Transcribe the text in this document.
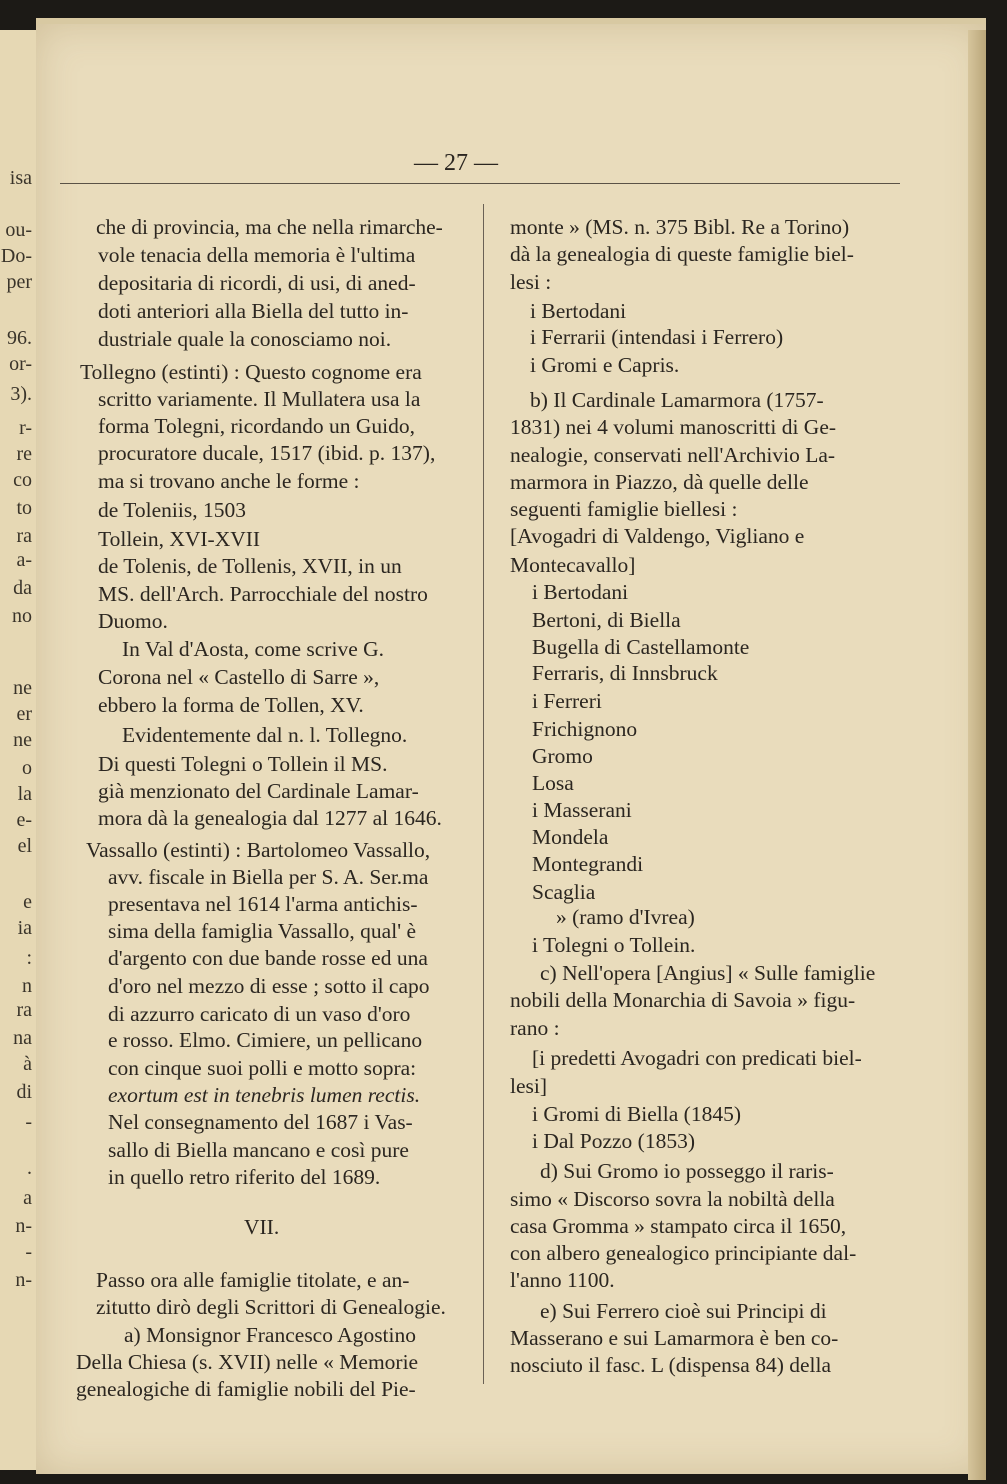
isa
ou-
Do-
per
96.
or-
3).
r-
re
co
to
ra
a-
da
no
ne
er
ne
o
la
e-
el
e
ia
:
n
ra
na
à
di
-
.
a
n-
-
n-
— 27 —
che di provincia, ma che nella rimarche-
vole tenacia della memoria è l'ultima
depositaria di ricordi, di usi, di aned-
doti anteriori alla Biella del tutto in-
dustriale quale la conosciamo noi.
Tollegno (estinti) : Questo cognome era
scritto variamente. Il Mullatera usa la
forma Tolegni, ricordando un Guido,
procuratore ducale, 1517 (ibid. p. 137),
ma si trovano anche le forme :
de Toleniis, 1503
Tollein, XVI-XVII
de Tolenis, de Tollenis, XVII, in un
MS. dell'Arch. Parrocchiale del nostro
Duomo.
In Val d'Aosta, come scrive G.
Corona nel « Castello di Sarre »,
ebbero la forma de Tollen, XV.
Evidentemente dal n. l. Tollegno.
Di questi Tolegni o Tollein il MS.
già menzionato del Cardinale Lamar-
mora dà la genealogia dal 1277 al 1646.
Vassallo (estinti) : Bartolomeo Vassallo,
avv. fiscale in Biella per S. A. Ser.ma
presentava nel 1614 l'arma antichis-
sima della famiglia Vassallo, qual' è
d'argento con due bande rosse ed una
d'oro nel mezzo di esse ; sotto il capo
di azzurro caricato di un vaso d'oro
e rosso. Elmo. Cimiere, un pellicano
con cinque suoi polli e motto sopra:
exortum est in tenebris lumen rectis.
Nel consegnamento del 1687 i Vas-
sallo di Biella mancano e così pure
in quello retro riferito del 1689.
VII.
Passo ora alle famiglie titolate, e an-
zitutto dirò degli Scrittori di Genealogie.
a) Monsignor Francesco Agostino
Della Chiesa (s. XVII) nelle « Memorie
genealogiche di famiglie nobili del Pie-
monte » (MS. n. 375 Bibl. Re a Torino)
dà la genealogia di queste famiglie biel-
lesi :
i Bertodani
i Ferrarii (intendasi i Ferrero)
i Gromi e Capris.
b) Il Cardinale Lamarmora (1757-
1831) nei 4 volumi manoscritti di Ge-
nealogie, conservati nell'Archivio La-
marmora in Piazzo, dà quelle delle
seguenti famiglie biellesi :
[Avogadri di Valdengo, Vigliano e
Montecavallo]
i Bertodani
Bertoni, di Biella
Bugella di Castellamonte
Ferraris, di Innsbruck
i Ferreri
Frichignono
Gromo
Losa
i Masserani
Mondela
Montegrandi
Scaglia
» (ramo d'Ivrea)
i Tolegni o Tollein.
c) Nell'opera [Angius] « Sulle famiglie
nobili della Monarchia di Savoia » figu-
rano :
[i predetti Avogadri con predicati biel-
lesi]
i Gromi di Biella (1845)
i Dal Pozzo (1853)
d) Sui Gromo io posseggo il raris-
simo « Discorso sovra la nobiltà della
casa Gromma » stampato circa il 1650,
con albero genealogico principiante dal-
l'anno 1100.
e) Sui Ferrero cioè sui Principi di
Masserano e sui Lamarmora è ben co-
nosciuto il fasc. L (dispensa 84) della
